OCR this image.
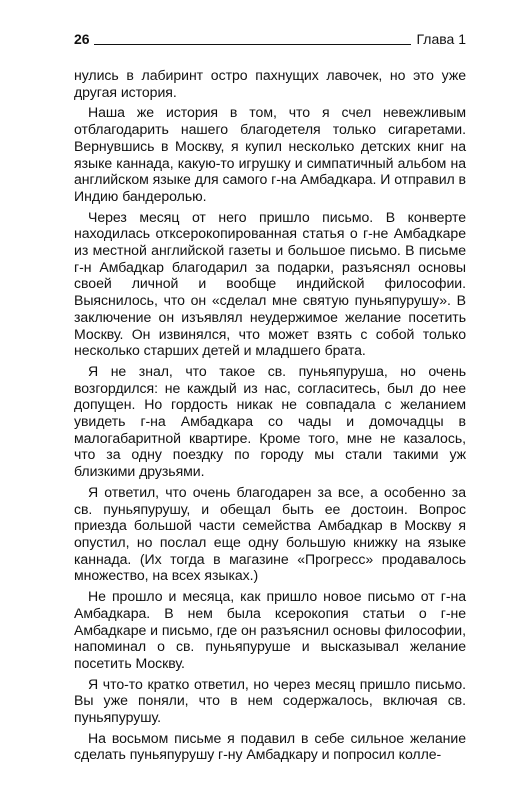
26	Глава 1

нулись в лабиринт остро пахнущих лавочек, но это уже другая история.

Наша же история в том, что я счел невежливым отблагодарить нашего благодетеля только сигаретами. Вернувшись в Москву, я купил несколько детских книг на языке каннада, какую-то игрушку и симпатичный альбом на английском языке для самого г-на Амбадкара. И отправил в Индию бандеролью.

Через месяц от него пришло письмо. В конверте находилась отксерокопированная статья о г-не Амбадкаре из местной английской газеты и большое письмо. В письме г-н Амбадкар благодарил за подарки, разъяснял основы своей личной и вообще индийской философии. Выяснилось, что он «сделал мне святую пуньяпурушу». В заключение он изъявлял неудержимое желание посетить Москву. Он извинялся, что может взять с собой только несколько старших детей и младшего брата.

Я не знал, что такое св. пуньяпуруша, но очень возгордился: не каждый из нас, согласитесь, был до нее допущен. Но гордость никак не совпадала с желанием увидеть г-на Амбадкара со чады и домочадцы в малогабаритной квартире. Кроме того, мне не казалось, что за одну поездку по городу мы стали такими уж близкими друзьями.

Я ответил, что очень благодарен за все, а особенно за св. пуньяпурушу, и обещал быть ее достоин. Вопрос приезда большой части семейства Амбадкар в Москву я опустил, но послал еще одну большую книжку на языке каннада. (Их тогда в магазине «Прогресс» продавалось множество, на всех языках.)

Не прошло и месяца, как пришло новое письмо от г-на Амбадкара. В нем была ксерокопия статьи о г-не Амбадкаре и письмо, где он разъяснил основы философии, напоминал о св. пуньяпуруше и высказывал желание посетить Москву.

Я что-то кратко ответил, но через месяц пришло письмо. Вы уже поняли, что в нем содержалось, включая св. пуньяпурушу.

На восьмом письме я подавил в себе сильное желание сделать пуньяпурушу г-ну Амбадкару и попросил колле-
